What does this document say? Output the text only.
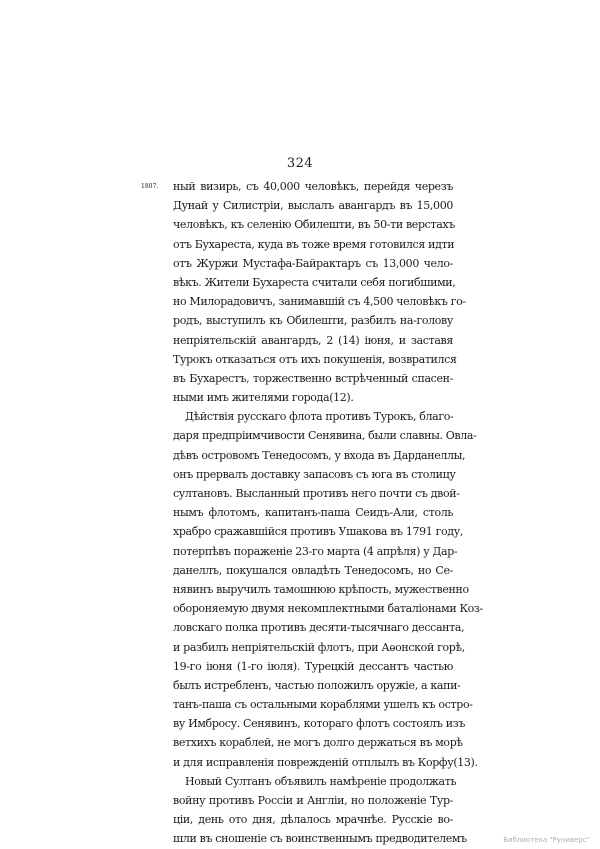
324
1807. ный визирь, съ 40,000 человѣкъ, перейдя черезъ
Дунай у Силистріи, выслалъ авангардъ въ 15,000
человѣкъ, къ селенію Обилешти, въ 50-ти верстахъ
отъ Бухареста, куда въ тоже время готовился идти
отъ Журжи Мустафа-Байрактаръ съ 13,000 чело-
вѣкъ. Жители Бухареста считали себя погибшими,
но Милорадовичъ, занимавшій съ 4,500 человѣкъ го-
родъ, выступилъ къ Обилешти, разбилъ на-голову
непріятельскій авангардъ, 2 (14) іюня, и заставя
Турокъ отказаться отъ ихъ покушенія, возвратился
въ Бухарестъ, торжественно встрѣченный спасен-
ными имъ жителями города(12).
Дѣйствія русскаго флота противъ Турокъ, благо-
даря предпріимчивости Сенявина, были славны. Овла-
дѣвъ островомъ Тенедосомъ, у входа въ Дарданеллы,
онъ прервалъ доставку запасовъ съ юга въ столицу
султановъ. Высланный противъ него почти съ двой-
нымъ флотомъ, капитанъ-паша Сеидъ-Али, столь
храбро сражавшійся противъ Ушакова въ 1791 году,
потерпѣвъ пораженіе 23-го марта (4 апрѣля) у Дар-
данеллъ, покушался овладѣть Тенедосомъ, но Се-
нявинъ выручилъ тамошнюю крѣпость, мужественно
обороняемую двумя некомплектными баталіонами Коз-
ловскаго полка противъ десяти-тысячнаго дессанта,
и разбилъ непріятельскій флотъ, при Аѳонской горѣ,
19-го іюня (1-го іюля). Турецкій дессантъ частью
былъ истребленъ, частью положилъ оружіе, а капи-
танъ-паша съ остальными кораблями ушелъ къ остро-
ву Имбросу. Сенявинъ, котораго флотъ состоялъ изъ
ветхихъ кораблей, не могъ долго держаться въ морѣ
и для исправленія поврежденій отплылъ въ Корфу(13).
Новый Султанъ объявилъ намѣреніе продолжать
войну противъ Россіи и Англіи, но положеніе Тур-
ціи, день ото дня, дѣлалось мрачнѣе. Русскіе во-
шли въ сношеніе съ воинственнымъ предводителемъ	Библиотека "Руниверс"
